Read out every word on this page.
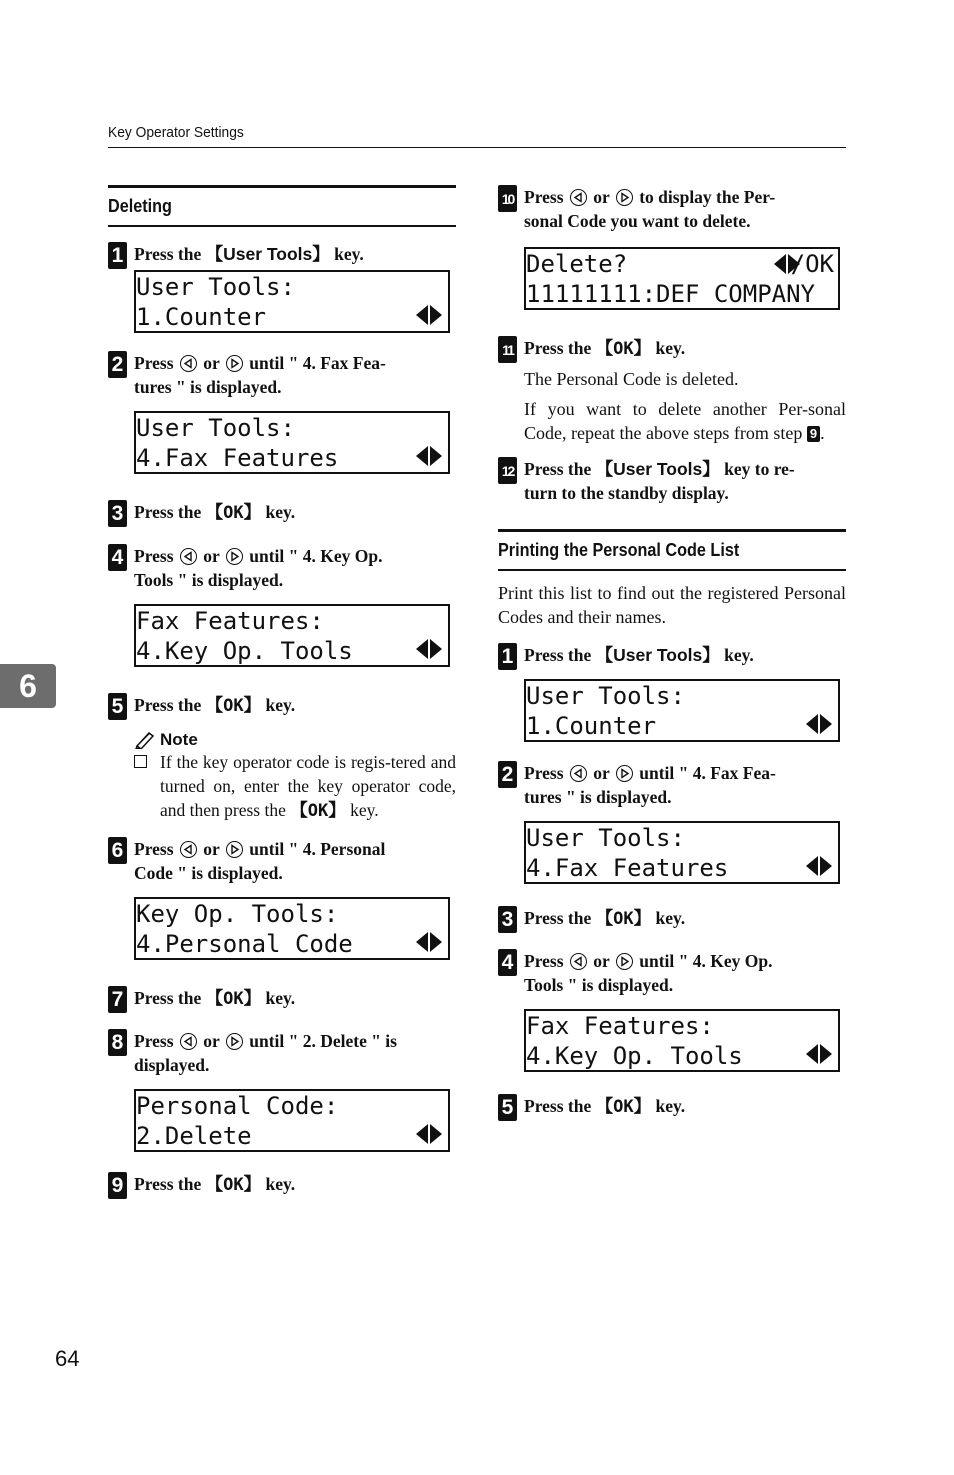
Key Operator Settings
6
64
Deleting
1 Press the 【User Tools】 key.
User Tools:
1.Counter
2 Press or until " 4. Fax Fea-
tures " is displayed.
User Tools:
4.Fax Features
3 Press the 【OK】 key.
4 Press or until " 4. Key Op.
Tools " is displayed.
Fax Features:
4.Key Op. Tools
5 Press the 【OK】 key.
Note
If the key operator code is regis-tered and turned on, enter the key operator code, and then press the 【OK】 key.
6 Press or until " 4. Personal
Code " is displayed.
Key Op. Tools:
4.Personal Code
7 Press the 【OK】 key.
8 Press or until " 2. Delete " is
displayed.
Personal Code:
2.Delete
9 Press the 【OK】 key.
10 Press or to display the Per-
sonal Code you want to delete.
Delete?
11111111:DEF COMPANY
/OK
11 Press the 【OK】 key.
The Personal Code is deleted.
If you want to delete another Per-sonal Code, repeat the above steps from step 9 .
12 Press the 【User Tools】 key to re-
turn to the standby display.
Printing the Personal Code List
Print this list to find out the registered Personal Codes and their names.
1 Press the 【User Tools】 key.
User Tools:
1.Counter
2 Press or until " 4. Fax Fea-
tures " is displayed.
User Tools:
4.Fax Features
3 Press the 【OK】 key.
4 Press or until " 4. Key Op.
Tools " is displayed.
Fax Features:
4.Key Op. Tools
5 Press the 【OK】 key.
